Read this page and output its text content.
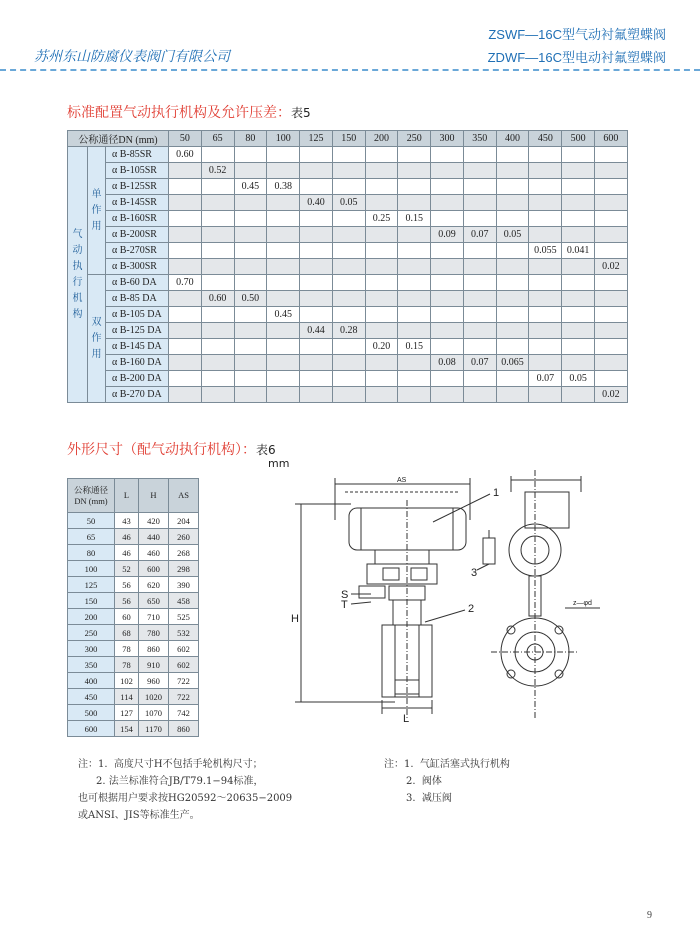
苏州东山防腐仪表阀门有限公司
ZSWF—16C型气动衬氟塑蝶阀
ZDWF—16C型电动衬氟塑蝶阀
标准配置气动执行机构及允许压差：表5
公称通径DN (mm)			50	65	80	100	125	150	200	250	300	350	400	450	500	600
气动执行机构	单作用	α B-85SR	0.60													
		α B-105SR		0.52												
		α B-125SR			0.45	0.38										
		α B-145SR					0.40	0.05								
		α B-160SR							0.25	0.15						
		α B-200SR									0.09	0.07	0.05			
		α B-270SR												0.055	0.041	
		α B-300SR														0.02
	双作用	α B-60 DA	0.70													
		α B-85 DA		0.60	0.50											
		α B-105 DA				0.45										
		α B-125 DA					0.44	0.28								
		α B-145 DA							0.20	0.15						
		α B-160 DA									0.08	0.07	0.065			
		α B-200 DA												0.07	0.05	
		α B-270 DA														0.02
外形尺寸（配气动执行机构）：表6
mm
公称通径 DN (mm)	L	H	AS
50	43	420	204
65	46	440	260
80	46	460	268
100	52	600	298
125	56	620	390
150	56	650	458
200	60	710	525
250	68	780	532
300	78	860	602
350	78	910	602
400	102	960	722
450	114	1020	722
500	127	1070	742
600	154	1170	860
1
2
3
S
T
H
L
AS
z—φd
注：1. 高度尺寸H不包括手轮机构尺寸；
2. 法兰标准符合JB/T79.1−94标准，
也可根据用户要求按HG20592～20635−2009
或ANSI、JIS等标准生产。
注：1. 气缸活塞式执行机构
2. 阀体
3. 减压阀
9
